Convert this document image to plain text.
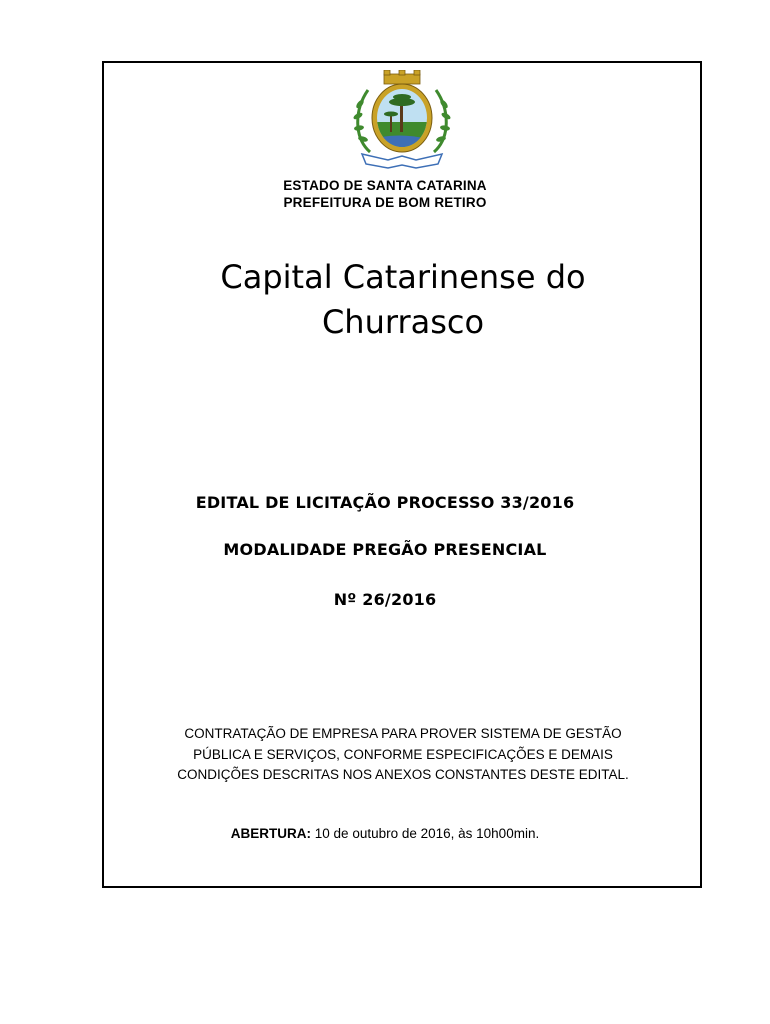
ESTADO DE SANTA CATARINA
PREFEITURA DE BOM RETIRO
Capital Catarinense do
Churrasco
EDITAL DE LICITAÇÃO PROCESSO 33/2016
MODALIDADE PREGÃO PRESENCIAL
Nº 26/2016
CONTRATAÇÃO DE EMPRESA PARA PROVER SISTEMA DE GESTÃO
PÚBLICA E SERVIÇOS, CONFORME ESPECIFICAÇÕES E DEMAIS
CONDIÇÕES DESCRITAS NOS ANEXOS CONSTANTES DESTE EDITAL.
ABERTURA: 10 de outubro de 2016, às 10h00min.
